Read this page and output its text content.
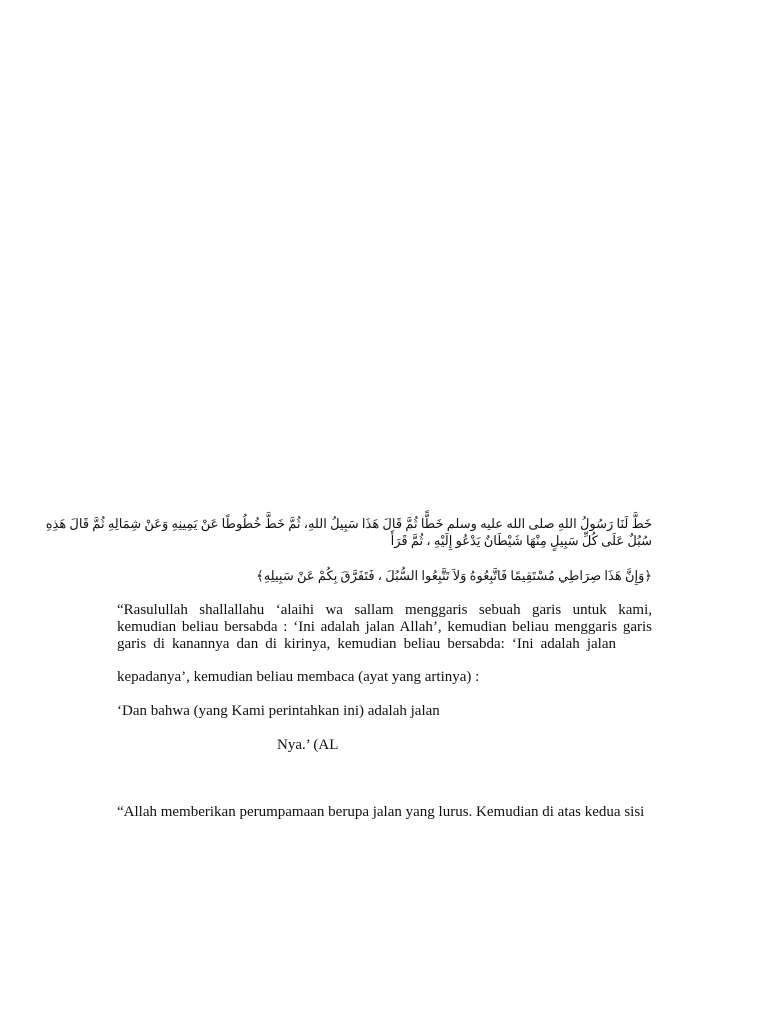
خَطَّ لَنَا رَسُولُ اللهِ صلى الله عليه وسلم خَطًّا ثُمَّ قَالَ هَذَا سَبِيلُ اللهِ، ثُمَّ خَطَّ خُطُوطًا عَنْ يَمِينِهِ وَعَنْ شِمَالِهِ ثُمَّ قَالَ هَذِهِ
سُبُلٌ عَلَى كُلِّ سَبِيلٍ مِنْهَا شَيْطَانٌ يَدْعُو إِلَيْهِ ، ثُمَّ قَرَأَ
﴿وَإِنَّ هَذَا صِرَاطِي مُسْتَقِيمًا فَاتَّبِعُوهُ وَلاَ تَتَّبِعُوا السُّبُلَ ، فَتَفَرَّقَ بِكُمْ عَنْ سَبِيلِهِ﴾
“Rasulullah shallallahu ‘alaihi wa sallam menggaris sebuah garis untuk kami,
kemudian beliau bersabda : ‘Ini adalah jalan Allah’, kemudian beliau menggaris garis
garis di kanannya dan di kirinya, kemudian beliau bersabda: ‘Ini adalah jalan
kepadanya’, kemudian beliau membaca (ayat yang artinya) :
‘Dan bahwa (yang Kami perintahkan ini) adalah jalan
Nya.’ (AL
“Allah memberikan perumpamaan berupa jalan yang lurus. Kemudian di atas kedua sisi
